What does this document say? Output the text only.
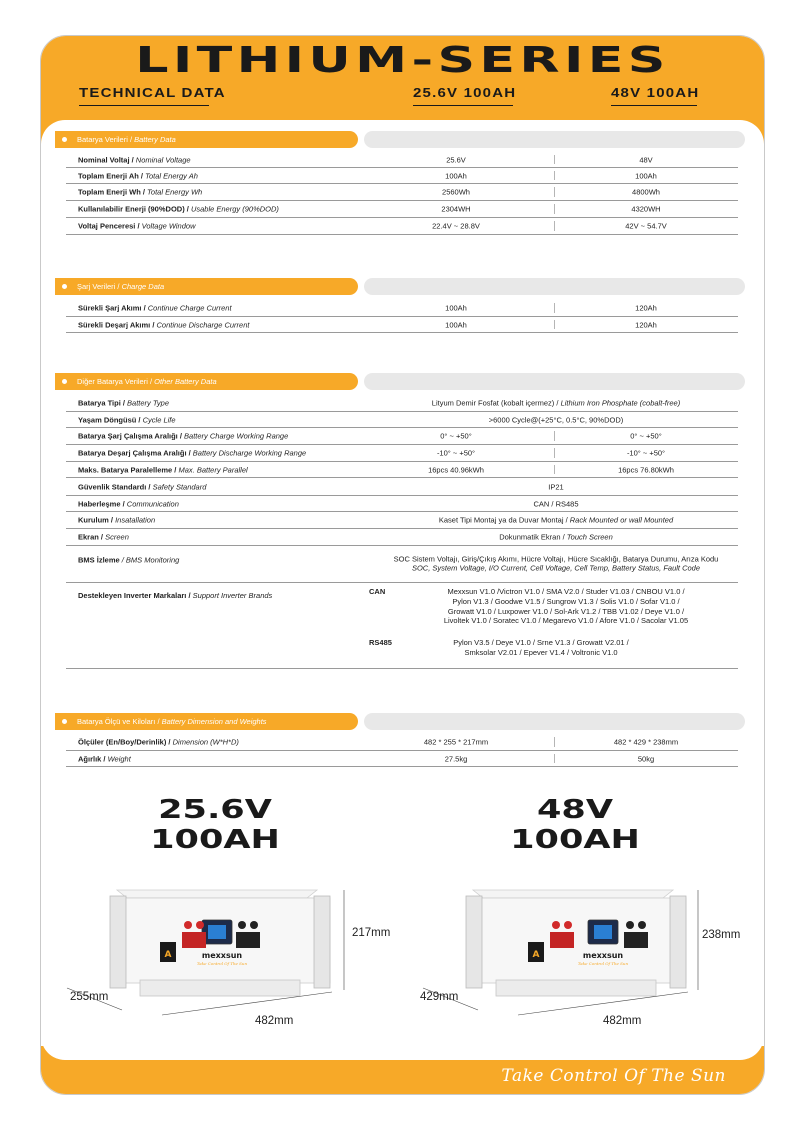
LITHIUM-SERIES
TECHNICAL DATA	25.6V 100AH	48V 100AH
Take Control Of The Sun
Batarya Verileri / Battery Data
Nominal Voltaj / Nominal Voltage	25.6V	48V
Toplam Enerji Ah / Total Energy Ah	100Ah	100Ah
Toplam Enerji Wh / Total Energy Wh	2560Wh	4800Wh
Kullanılabilir Enerji (90%DOD) / Usable Energy (90%DOD)	2304WH	4320WH
Voltaj Penceresi / Voltage Window	22.4V ~ 28.8V	42V ~ 54.7V
Şarj Verileri / Charge Data
Sürekli Şarj Akımı / Continue Charge Current	100Ah	120Ah
Sürekli Deşarj Akımı / Continue Discharge Current	100Ah	120Ah
Diğer Batarya Verileri / Other Battery Data
Batarya Tipi / Battery Type	Lityum Demir Fosfat (kobalt içermez) / Lithium Iron Phosphate (cobalt-free)
Yaşam Döngüsü / Cycle Life	>6000 Cycle@(+25°C, 0.5°C, 90%DOD)
Batarya Şarj Çalışma Aralığı / Battery Charge Working Range	0° ~ +50°	0° ~ +50°
Batarya Deşarj Çalışma Aralığı / Battery Discharge Working Range	-10° ~ +50°	-10° ~ +50°
Maks. Batarya Paralelleme / Max. Battery Parallel	16pcs 40.96kWh	16pcs 76.80kWh
Güvenlik Standardı / Safety Standard	IP21
Haberleşme / Communication	CAN / RS485
Kurulum / Insatallation	Kaset Tipi Montaj ya da Duvar Montaj / Rack Mounted or wall Mounted
Ekran / Screen	Dokunmatik Ekran / Touch Screen
BMS İzleme / BMS Monitoring	SOC Sistem Voltajı, Giriş/Çıkış Akımı, Hücre Voltajı, Hücre Sıcaklığı, Batarya Durumu, Arıza Kodu
SOC, System Voltage, I/O Current, Cell Voltage, Cell Temp, Battery Status, Fault Code
Destekleyen Inverter Markaları / Support Inverter Brands	CAN	Mexxsun V1.0 /Victron V1.0 / SMA V2.0 / Studer V1.03 / CNBOU V1.0 /
Pylon V1.3 / Goodwe V1.5 / Sungrow V1.3 / Solis V1.0 / Sofar V1.0 /
Growatt V1.0 / Luxpower V1.0 / Sol-Ark V1.2 / TBB V1.02 / Deye V1.0 /
Livoltek V1.0 / Soratec V1.0 / Megarevo V1.0 / Afore V1.0 / Sacolar V1.05
RS485	Pylon V3.5 / Deye V1.0 / Srne V1.3 / Growatt V2.01 /
Smksolar V2.01 / Epever V1.4 / Voltronic V1.0
Batarya Ölçü ve Kiloları / Battery Dimension and Weights
Ölçüler (En/Boy/Derinlik) / Dimension (W*H*D)	482 * 255 * 217mm	482 * 429 * 238mm
Ağırlık / Weight	27.5kg	50kg
25.6V
100AH
48V
100AH
A	mexxsun
Take Control Of The Sun
217mm
255mm
482mm
A	mexxsun
Take Control Of The Sun
238mm
429mm
482mm
